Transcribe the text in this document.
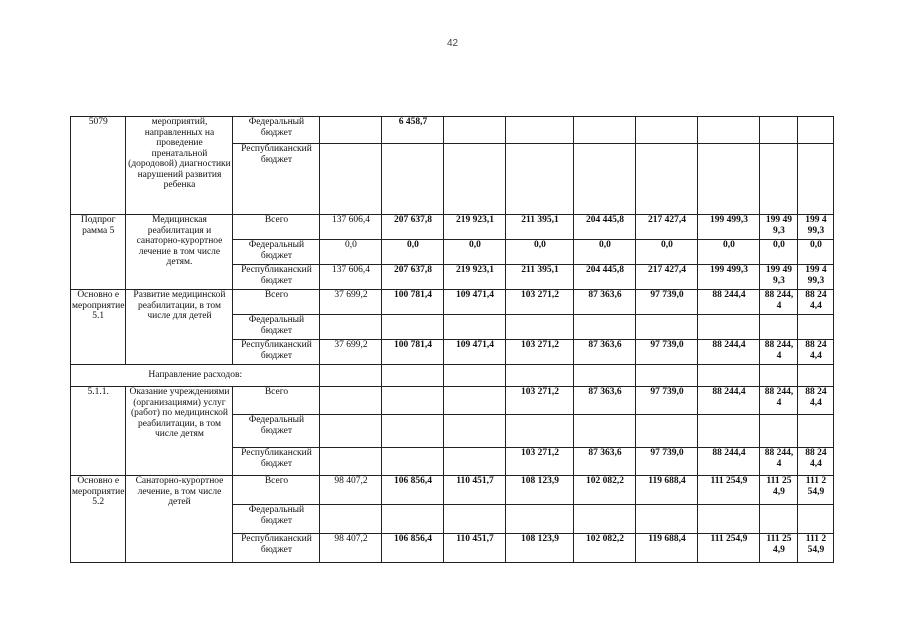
42
5079	мероприятий, направленных на проведение пренатальной (дородовой) диагностики нарушений развития ребенка	Федеральный бюджет		6 458,7							
		Республиканский бюджет									
Подпрог рамма 5	Медицинская реабилитация и санаторно-курортное лечение в том числе детям.	Всего	137 606,4	207 637,8	219 923,1	211 395,1	204 445,8	217 427,4	199 499,3	199 49 9,3	199 4 99,3
		Федеральный бюджет	0,0	0,0	0,0	0,0	0,0	0,0	0,0	0,0	0,0
		Республиканский бюджет	137 606,4	207 637,8	219 923,1	211 395,1	204 445,8	217 427,4	199 499,3	199 49 9,3	199 4 99,3
Основно е мероприятие 5.1	Развитие медицинской реабилитации, в том числе для детей	Всего	37 699,2	100 781,4	109 471,4	103 271,2	87 363,6	97 739,0	88 244,4	88 244, 4	88 24 4,4
		Федеральный бюджет									
		Республиканский бюджет	37 699,2	100 781,4	109 471,4	103 271,2	87 363,6	97 739,0	88 244,4	88 244, 4	88 24 4,4
Направление расходов:											
5.1.1.	Оказание учреждениями (организациями) услуг (работ) по медицинской реабилитации, в том числе детям	Всего				103 271,2	87 363,6	97 739,0	88 244,4	88 244, 4	88 24 4,4
		Федеральный бюджет									
		Республиканский бюджет				103 271,2	87 363,6	97 739,0	88 244,4	88 244, 4	88 24 4,4
Основно е мероприятие 5.2	Санаторно-курортное лечение, в том числе детей	Всего	98 407,2	106 856,4	110 451,7	108 123,9	102 082,2	119 688,4	111 254,9	111 25 4,9	111 2 54,9
		Федеральный бюджет									
		Республиканский бюджет	98 407,2	106 856,4	110 451,7	108 123,9	102 082,2	119 688,4	111 254,9	111 25 4,9	111 2 54,9
